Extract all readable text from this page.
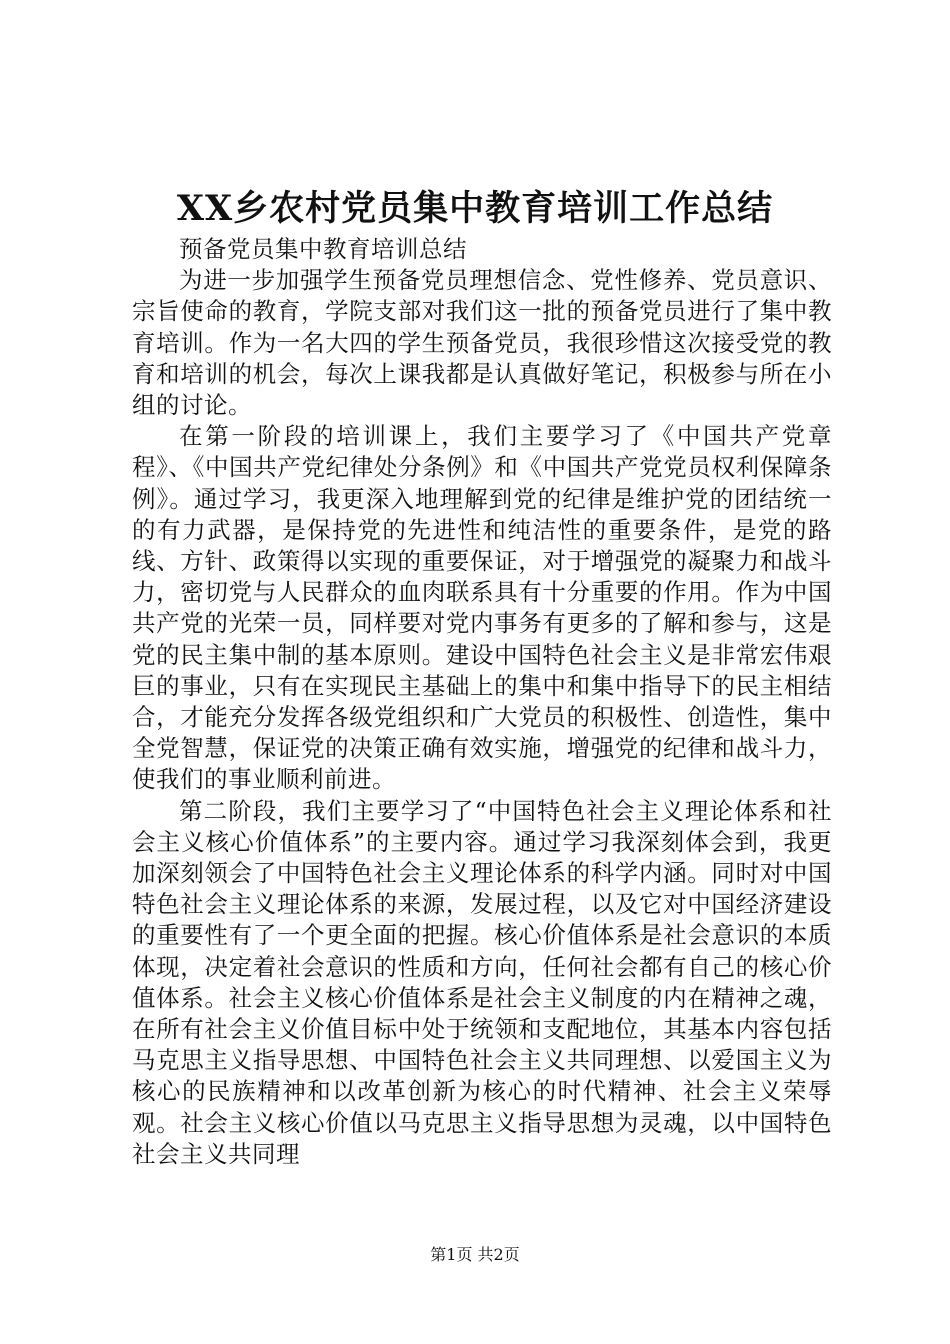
XX乡农村党员集中教育培训工作总结

预备党员集中教育培训总结

为进一步加强学生预备党员理想信念、党性修养、党员意识、宗旨使命的教育，学院支部对我们这一批的预备党员进行了集中教育培训。作为一名大四的学生预备党员，我很珍惜这次接受党的教育和培训的机会，每次上课我都是认真做好笔记，积极参与所在小组的讨论。

在第一阶段的培训课上，我们主要学习了《中国共产党章程》、《中国共产党纪律处分条例》和《中国共产党党员权利保障条例》。通过学习，我更深入地理解到党的纪律是维护党的团结统一的有力武器，是保持党的先进性和纯洁性的重要条件，是党的路线、方针、政策得以实现的重要保证，对于增强党的凝聚力和战斗力，密切党与人民群众的血肉联系具有十分重要的作用。作为中国共产党的光荣一员，同样要对党内事务有更多的了解和参与，这是党的民主集中制的基本原则。建设中国特色社会主义是非常宏伟艰巨的事业，只有在实现民主基础上的集中和集中指导下的民主相结合，才能充分发挥各级党组织和广大党员的积极性、创造性，集中全党智慧，保证党的决策正确有效实施，增强党的纪律和战斗力，使我们的事业顺利前进。

第二阶段，我们主要学习了“中国特色社会主义理论体系和社会主义核心价值体系”的主要内容。通过学习我深刻体会到，我更加深刻领会了中国特色社会主义理论体系的科学内涵。同时对中国特色社会主义理论体系的来源，发展过程，以及它对中国经济建设的重要性有了一个更全面的把握。核心价值体系是社会意识的本质体现，决定着社会意识的性质和方向，任何社会都有自己的核心价值体系。社会主义核心价值体系是社会主义制度的内在精神之魂，在所有社会主义价值目标中处于统领和支配地位，其基本内容包括马克思主义指导思想、中国特色社会主义共同理想、以爱国主义为核心的民族精神和以改革创新为核心的时代精神、社会主义荣辱观。社会主义核心价值以马克思主义指导思想为灵魂，以中国特色社会主义共同理

第1页 共2页
